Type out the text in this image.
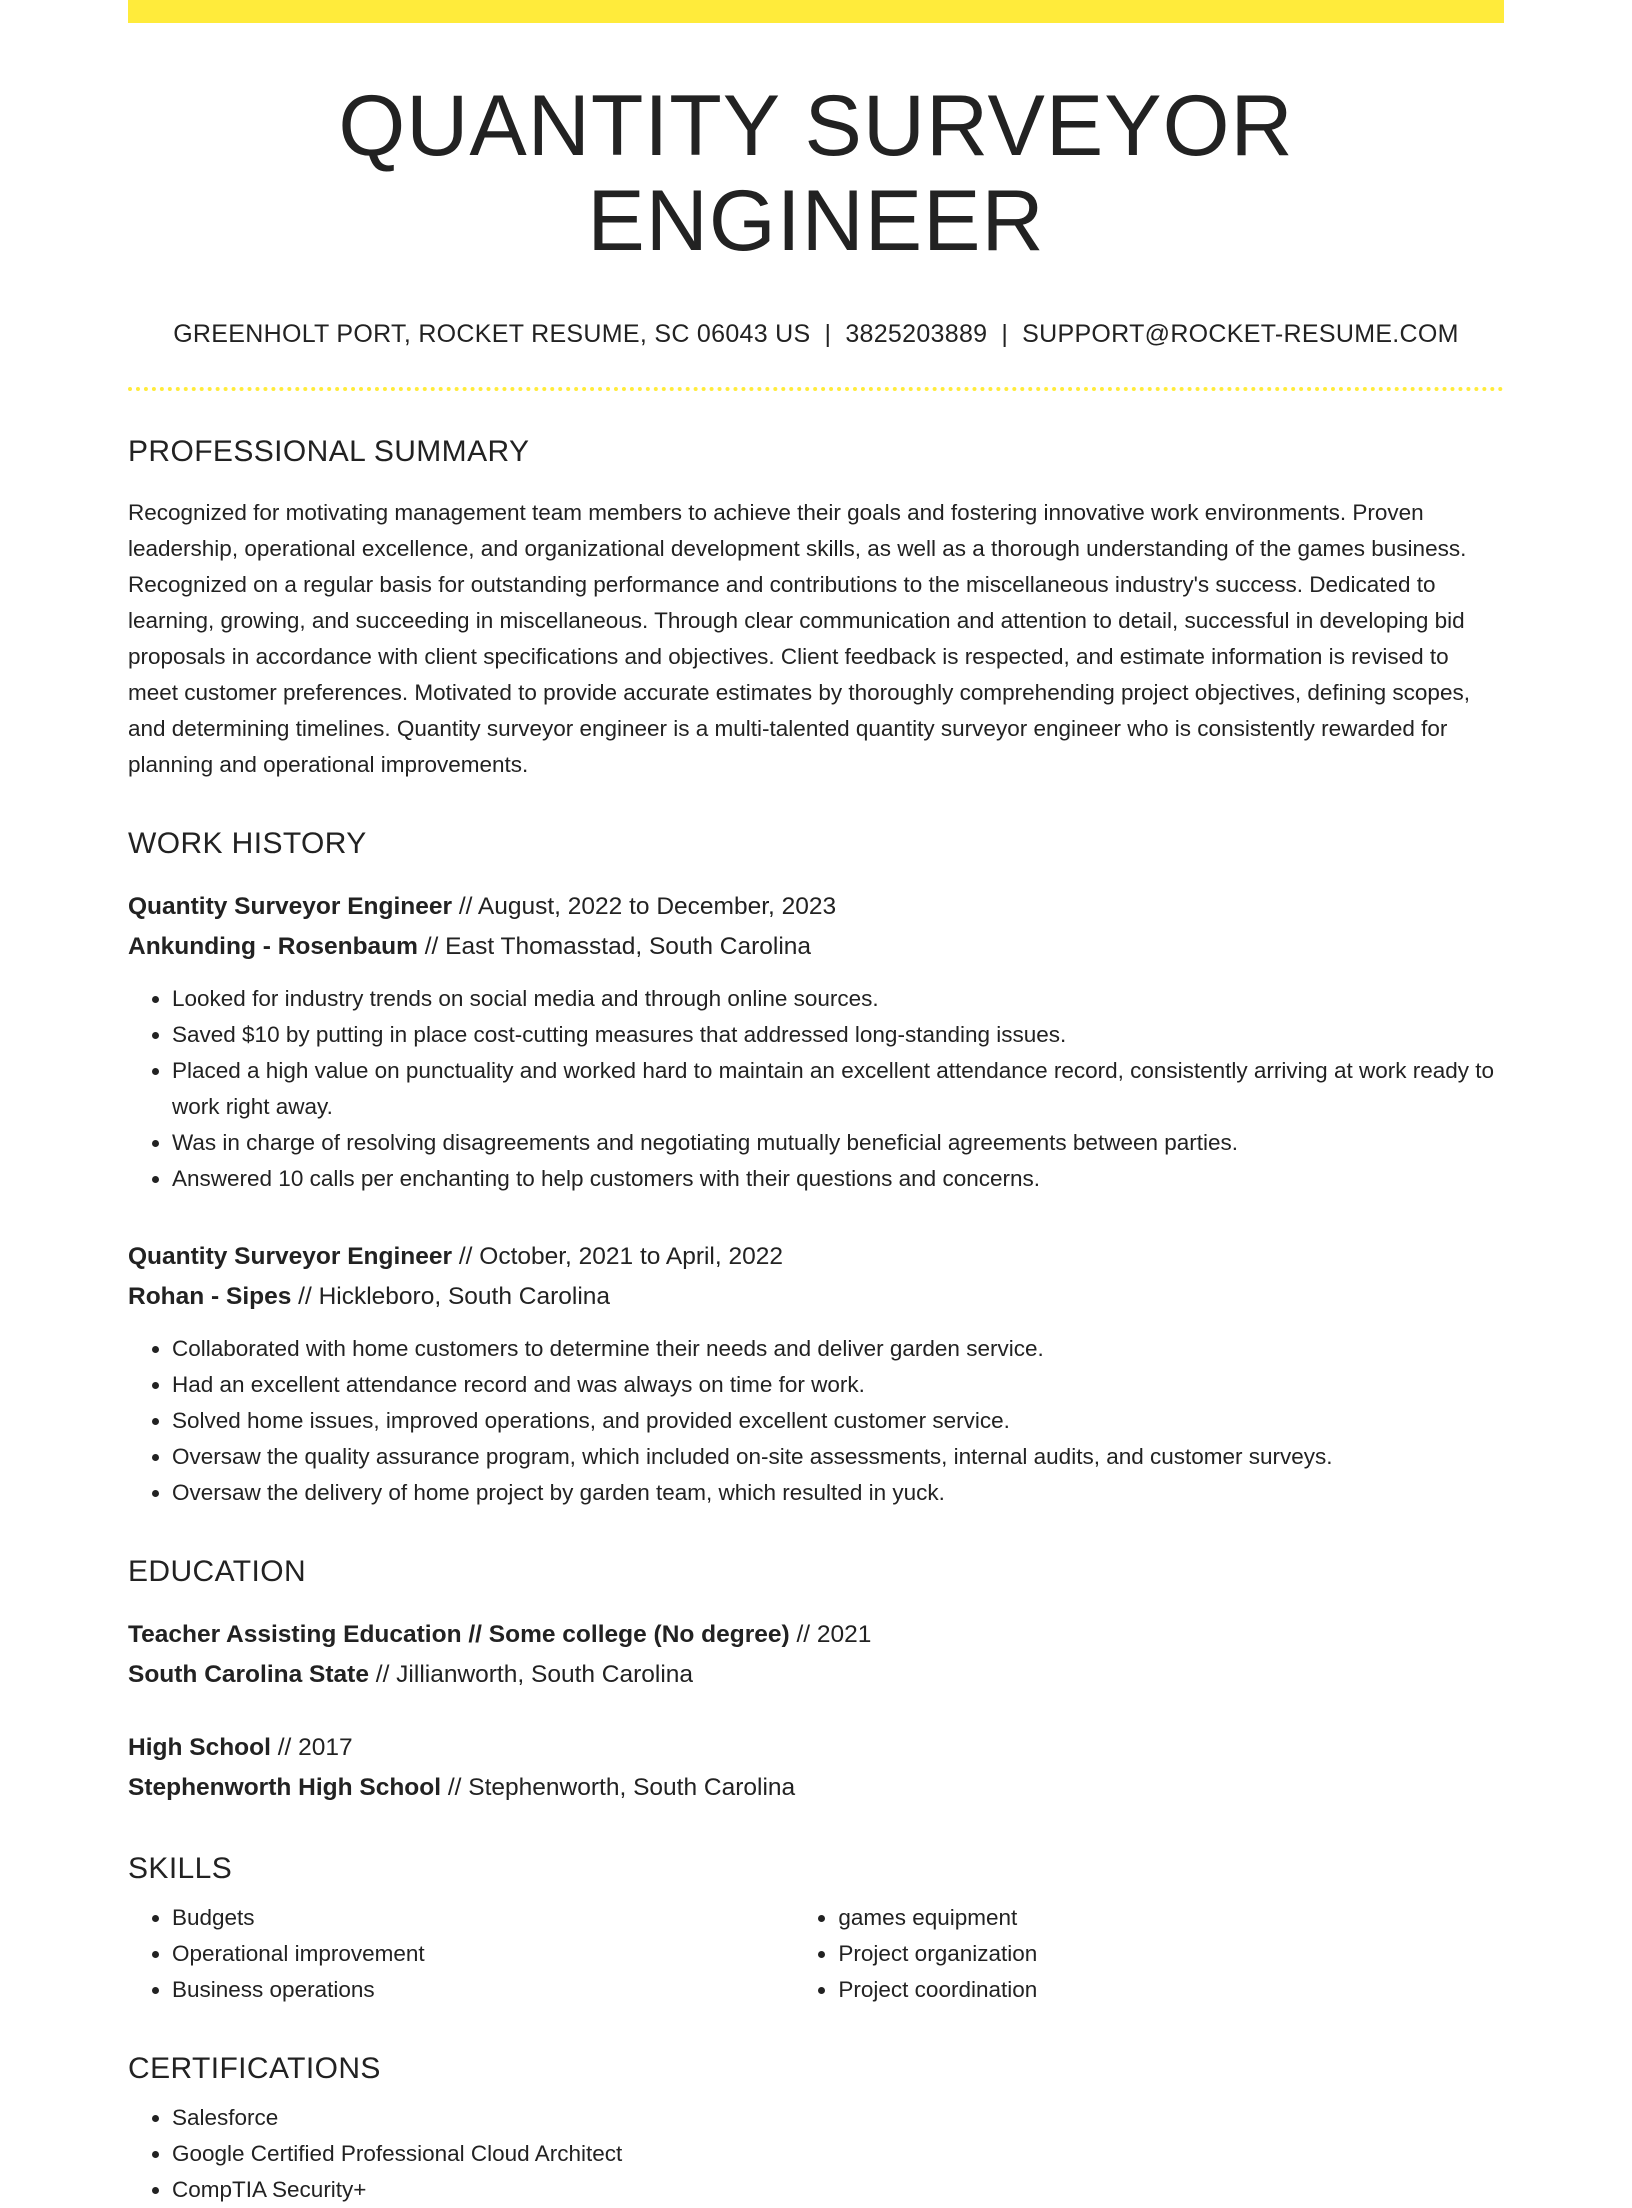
QUANTITY SURVEYOR ENGINEER
GREENHOLT PORT, ROCKET RESUME, SC 06043 US | 3825203889 | SUPPORT@ROCKET-RESUME.COM
PROFESSIONAL SUMMARY
Recognized for motivating management team members to achieve their goals and fostering innovative work environments. Proven leadership, operational excellence, and organizational development skills, as well as a thorough understanding of the games business. Recognized on a regular basis for outstanding performance and contributions to the miscellaneous industry's success. Dedicated to learning, growing, and succeeding in miscellaneous. Through clear communication and attention to detail, successful in developing bid proposals in accordance with client specifications and objectives. Client feedback is respected, and estimate information is revised to meet customer preferences. Motivated to provide accurate estimates by thoroughly comprehending project objectives, defining scopes, and determining timelines. Quantity surveyor engineer is a multi-talented quantity surveyor engineer who is consistently rewarded for planning and operational improvements.
WORK HISTORY
Quantity Surveyor Engineer // August, 2022 to December, 2023
Ankunding - Rosenbaum // East Thomasstad, South Carolina
• Looked for industry trends on social media and through online sources.
• Saved $10 by putting in place cost-cutting measures that addressed long-standing issues.
• Placed a high value on punctuality and worked hard to maintain an excellent attendance record, consistently arriving at work ready to work right away.
• Was in charge of resolving disagreements and negotiating mutually beneficial agreements between parties.
• Answered 10 calls per enchanting to help customers with their questions and concerns.
Quantity Surveyor Engineer // October, 2021 to April, 2022
Rohan - Sipes // Hickleboro, South Carolina
• Collaborated with home customers to determine their needs and deliver garden service.
• Had an excellent attendance record and was always on time for work.
• Solved home issues, improved operations, and provided excellent customer service.
• Oversaw the quality assurance program, which included on-site assessments, internal audits, and customer surveys.
• Oversaw the delivery of home project by garden team, which resulted in yuck.
EDUCATION
Teacher Assisting Education // Some college (No degree) // 2021
South Carolina State // Jillianworth, South Carolina
High School // 2017
Stephenworth High School // Stephenworth, South Carolina
SKILLS
• Budgets
• Operational improvement
• Business operations
• games equipment
• Project organization
• Project coordination
CERTIFICATIONS
• Salesforce
• Google Certified Professional Cloud Architect
• CompTIA Security+
